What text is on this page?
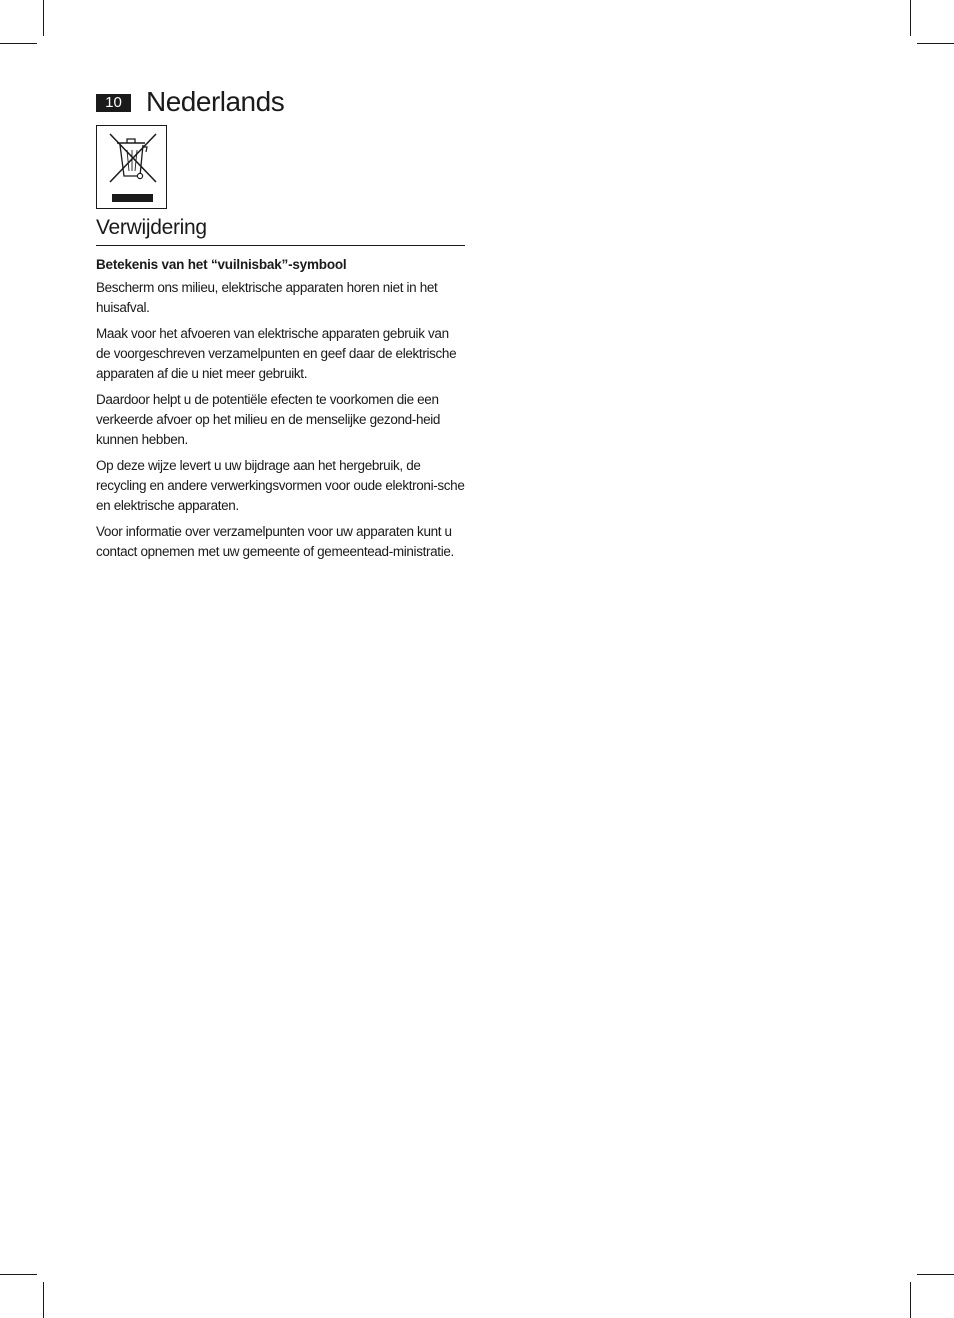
10 Nederlands
Verwijdering
Betekenis van het “vuilnisbak”-symbool

Bescherm ons milieu, elektrische apparaten horen niet in het huisafval.

Maak voor het afvoeren van elektrische apparaten gebruik van de voorgeschreven verzamelpunten en geef daar de elektrische apparaten af die u niet meer gebruikt.

Daardoor helpt u de potentiële efecten te voorkomen die een verkeerde afvoer op het milieu en de menselijke gezond-heid kunnen hebben.

Op deze wijze levert u uw bijdrage aan het hergebruik, de recycling en andere verwerkingsvormen voor oude elektroni-sche en elektrische apparaten.

Voor informatie over verzamelpunten voor uw apparaten kunt u contact opnemen met uw gemeente of gemeentead-ministratie.
